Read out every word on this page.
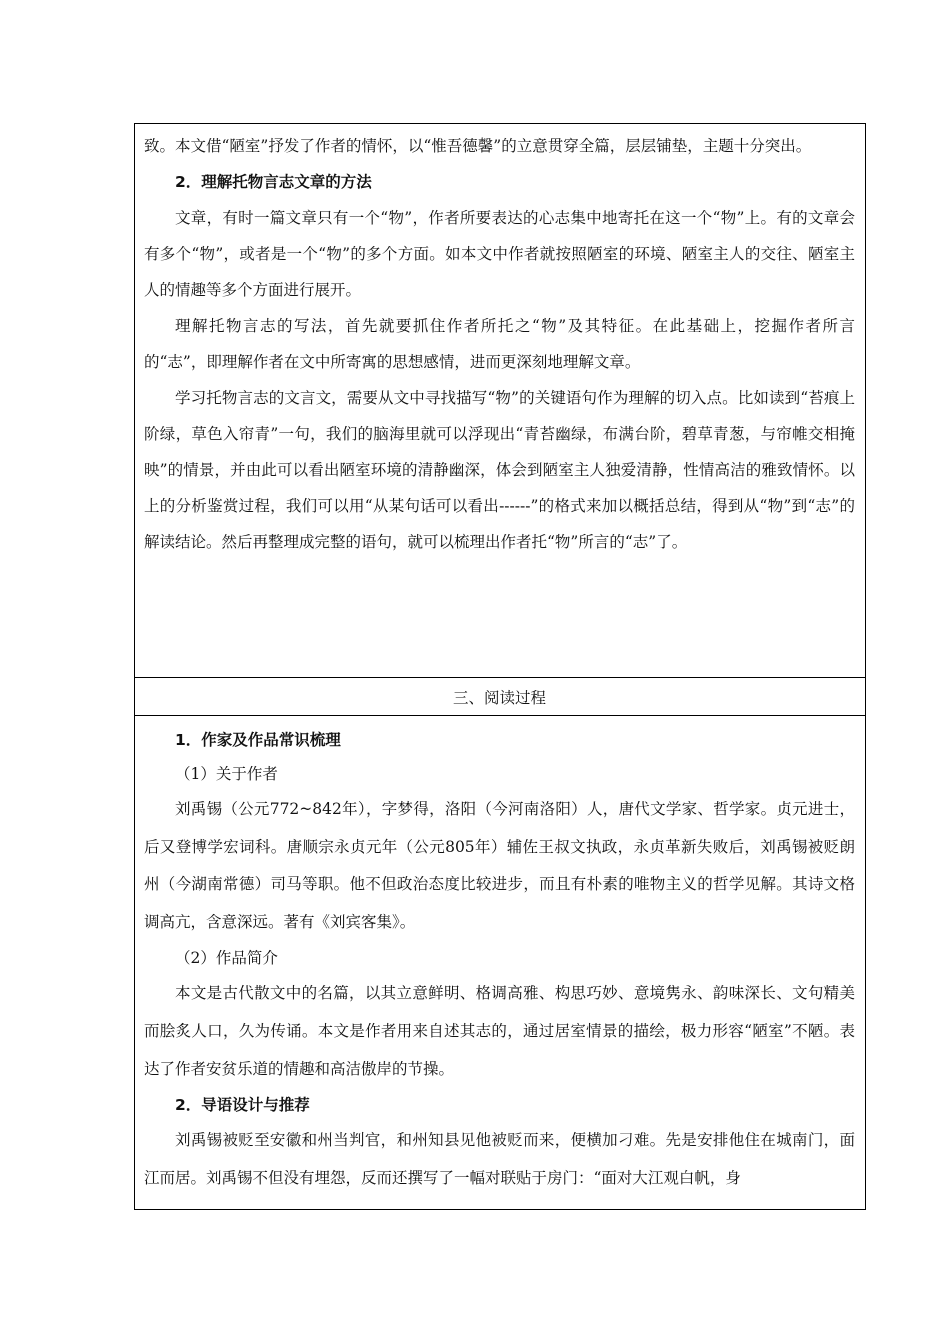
致。本文借“陋室”抒发了作者的情怀，以“惟吾德馨”的立意贯穿全篇，层层铺垫，主题十分突出。

2．理解托物言志文章的方法

文章，有时一篇文章只有一个“物”，作者所要表达的心志集中地寄托在这一个“物”上。有的文章会有多个“物”，或者是一个“物”的多个方面。如本文中作者就按照陋室的环境、陋室主人的交往、陋室主人的情趣等多个方面进行展开。

理解托物言志的写法，首先就要抓住作者所托之“物”及其特征。在此基础上，挖掘作者所言的“志”，即理解作者在文中所寄寓的思想感情，进而更深刻地理解文章。

学习托物言志的文言文，需要从文中寻找描写“物”的关键语句作为理解的切入点。比如读到“苔痕上阶绿，草色入帘青”一句，我们的脑海里就可以浮现出“青苔幽绿，布满台阶，碧草青葱，与帘帷交相掩映”的情景，并由此可以看出陋室环境的清静幽深，体会到陋室主人独爱清静，性情高洁的雅致情怀。以上的分析鉴赏过程，我们可以用“从某句话可以看出------”的格式来加以概括总结，得到从“物”到“志”的解读结论。然后再整理成完整的语句，就可以梳理出作者托“物”所言的“志”了。

三、阅读过程

1．作家及作品常识梳理

（1）关于作者

刘禹锡（公元772~842年），字梦得，洛阳（今河南洛阳）人，唐代文学家、哲学家。贞元进士，后又登博学宏词科。唐顺宗永贞元年（公元805年）辅佐王叔文执政，永贞革新失败后，刘禹锡被贬朗州（今湖南常德）司马等职。他不但政治态度比较进步，而且有朴素的唯物主义的哲学见解。其诗文格调高亢，含意深远。著有《刘宾客集》。

（2）作品简介

本文是古代散文中的名篇，以其立意鲜明、格调高雅、构思巧妙、意境隽永、韵味深长、文句精美而脍炙人口，久为传诵。本文是作者用来自述其志的，通过居室情景的描绘，极力形容“陋室”不陋。表达了作者安贫乐道的情趣和高洁傲岸的节操。

2．导语设计与推荐

刘禹锡被贬至安徽和州当判官，和州知县见他被贬而来，便横加刁难。先是安排他住在城南门，面江而居。刘禹锡不但没有埋怨，反而还撰写了一幅对联贴于房门：“面对大江观白帆，身
